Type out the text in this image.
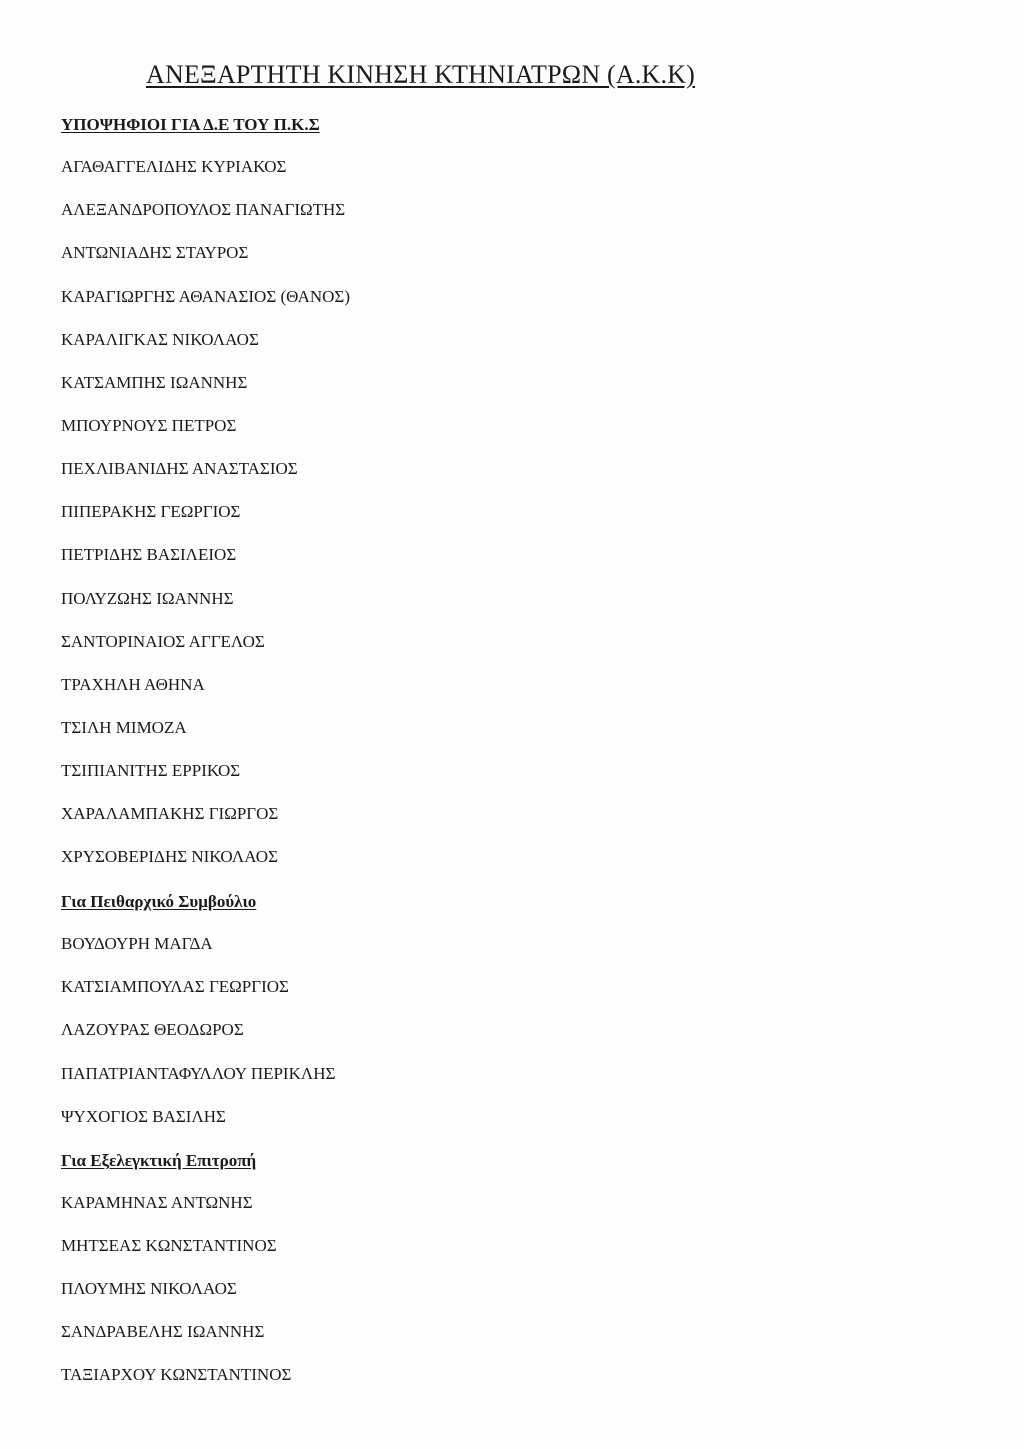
ΑΝΕΞΑΡΤΗΤΗ ΚΙΝΗΣΗ ΚΤΗΝΙΑΤΡΩΝ (Α.Κ.Κ)
ΥΠΟΨΗΦΙΟΙ ΓΙΑ Δ.Ε ΤΟΥ Π.Κ.Σ
ΑΓΑΘΑΓΓΕΛΙΔΗΣ ΚΥΡΙΑΚΟΣ
ΑΛΕΞΑΝΔΡΟΠΟΥΛΟΣ ΠΑΝΑΓΙΩΤΗΣ
ΑΝΤΩΝΙΑΔΗΣ ΣΤΑΥΡΟΣ
ΚΑΡΑΓΙΩΡΓΗΣ ΑΘΑΝΑΣΙΟΣ (ΘΑΝΟΣ)
ΚΑΡΑΛΙΓΚΑΣ ΝΙΚΟΛΑΟΣ
ΚΑΤΣΑΜΠΗΣ ΙΩΑΝΝΗΣ
ΜΠΟΥΡΝΟΥΣ ΠΕΤΡΟΣ
ΠΕΧΛΙΒΑΝΙΔΗΣ ΑΝΑΣΤΑΣΙΟΣ
ΠΙΠΕΡΑΚΗΣ ΓΕΩΡΓΙΟΣ
ΠΕΤΡΙΔΗΣ ΒΑΣΙΛΕΙΟΣ
ΠΟΛΥΖΩΗΣ ΙΩΑΝΝΗΣ
ΣΑΝΤΟΡΙΝΑΙΟΣ ΑΓΓΕΛΟΣ
ΤΡΑΧΗΛΗ ΑΘΗΝΑ
ΤΣΙΛΗ ΜΙΜΟΖΑ
ΤΣΙΠΙΑΝΙΤΗΣ ΕΡΡΙΚΟΣ
ΧΑΡΑΛΑΜΠΑΚΗΣ ΓΙΩΡΓΟΣ
ΧΡΥΣΟΒΕΡΙΔΗΣ ΝΙΚΟΛΑΟΣ
Για Πειθαρχικό Συμβούλιο
ΒΟΥΔΟΥΡΗ ΜΑΓΔΑ
ΚΑΤΣΙΑΜΠΟΥΛΑΣ ΓΕΩΡΓΙΟΣ
ΛΑΖΟΥΡΑΣ ΘΕΟΔΩΡΟΣ
ΠΑΠΑΤΡΙΑΝΤΑΦΥΛΛΟΥ ΠΕΡΙΚΛΗΣ
ΨΥΧΟΓΙΟΣ ΒΑΣΙΛΗΣ
Για Εξελεγκτική Επιτροπή
ΚΑΡΑΜΗΝΑΣ ΑΝΤΩΝΗΣ
ΜΗΤΣΕΑΣ ΚΩΝΣΤΑΝΤΙΝΟΣ
ΠΛΟΥΜΗΣ ΝΙΚΟΛΑΟΣ
ΣΑΝΔΡΑΒΕΛΗΣ ΙΩΑΝΝΗΣ
ΤΑΞΙΑΡΧΟΥ ΚΩΝΣΤΑΝΤΙΝΟΣ
